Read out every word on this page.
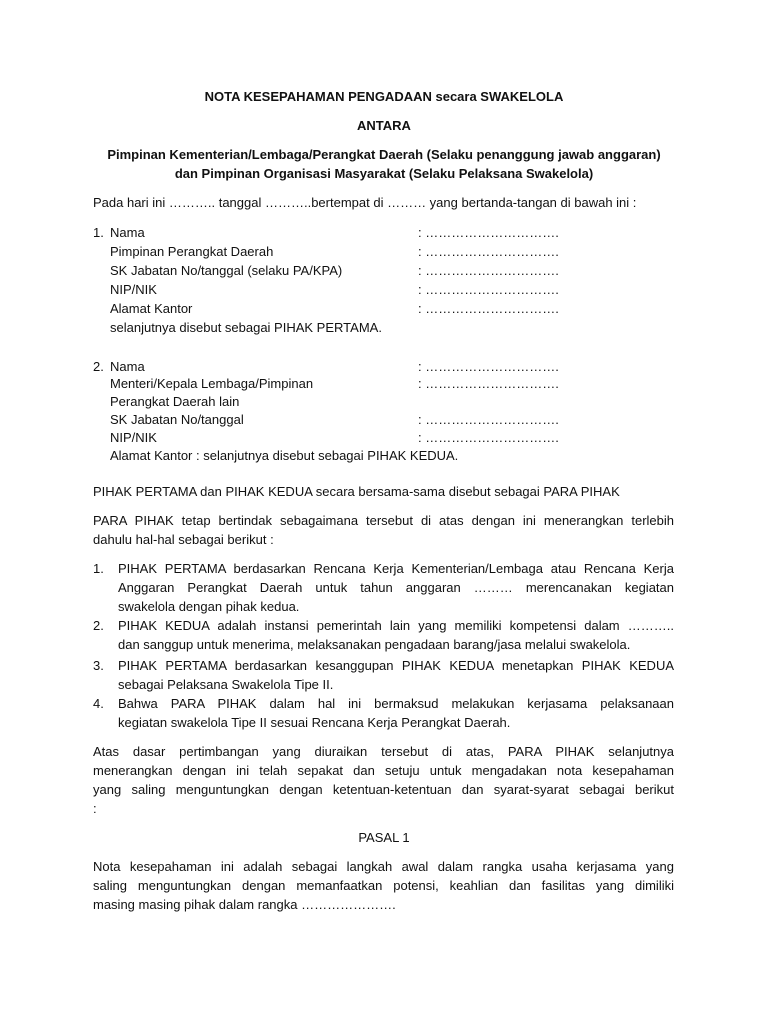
NOTA KESEPAHAMAN PENGADAAN secara SWAKELOLA
ANTARA
Pimpinan Kementerian/Lembaga/Perangkat Daerah (Selaku penanggung jawab anggaran)
dan Pimpinan Organisasi Masyarakat (Selaku Pelaksana Swakelola)
Pada hari ini ……….. tanggal ………..bertempat di ……… yang bertanda-tangan di bawah ini :
1. Nama	: ………………………….
Pimpinan Perangkat Daerah	: ………………………….
SK Jabatan No/tanggal (selaku PA/KPA)	: ………………………….
NIP/NIK	: ………………………….
Alamat Kantor	: ………………………….
selanjutnya disebut sebagai PIHAK PERTAMA.
2. Nama	: ………………………….
Menteri/Kepala Lembaga/Pimpinan	: ………………………….
Perangkat Daerah lain
SK Jabatan No/tanggal	: ………………………….
NIP/NIK	: ………………………….
Alamat Kantor : selanjutnya disebut sebagai PIHAK KEDUA.
PIHAK PERTAMA dan PIHAK KEDUA secara bersama-sama disebut sebagai PARA PIHAK
PARA PIHAK tetap bertindak sebagaimana tersebut di atas dengan ini menerangkan terlebih
dahulu hal-hal sebagai berikut :
1. PIHAK PERTAMA berdasarkan Rencana Kerja Kementerian/Lembaga atau Rencana Kerja
Anggaran Perangkat Daerah untuk tahun anggaran ……… merencanakan kegiatan
swakelola dengan pihak kedua.
2. PIHAK KEDUA adalah instansi pemerintah lain yang memiliki kompetensi dalam ………..
dan sanggup untuk menerima, melaksanakan pengadaan barang/jasa melalui swakelola.
3. PIHAK PERTAMA berdasarkan kesanggupan PIHAK KEDUA menetapkan PIHAK KEDUA
sebagai Pelaksana Swakelola Tipe II.
4. Bahwa PARA PIHAK dalam hal ini bermaksud melakukan kerjasama pelaksanaan
kegiatan swakelola Tipe II sesuai Rencana Kerja Perangkat Daerah.
Atas dasar pertimbangan yang diuraikan tersebut di atas, PARA PIHAK selanjutnya
menerangkan dengan ini telah sepakat dan setuju untuk mengadakan nota kesepahaman
yang saling menguntungkan dengan ketentuan-ketentuan dan syarat-syarat sebagai berikut
:
PASAL 1
Nota kesepahaman ini adalah sebagai langkah awal dalam rangka usaha kerjasama yang
saling menguntungkan dengan memanfaatkan potensi, keahlian dan fasilitas yang dimiliki
masing masing pihak dalam rangka ………………….
